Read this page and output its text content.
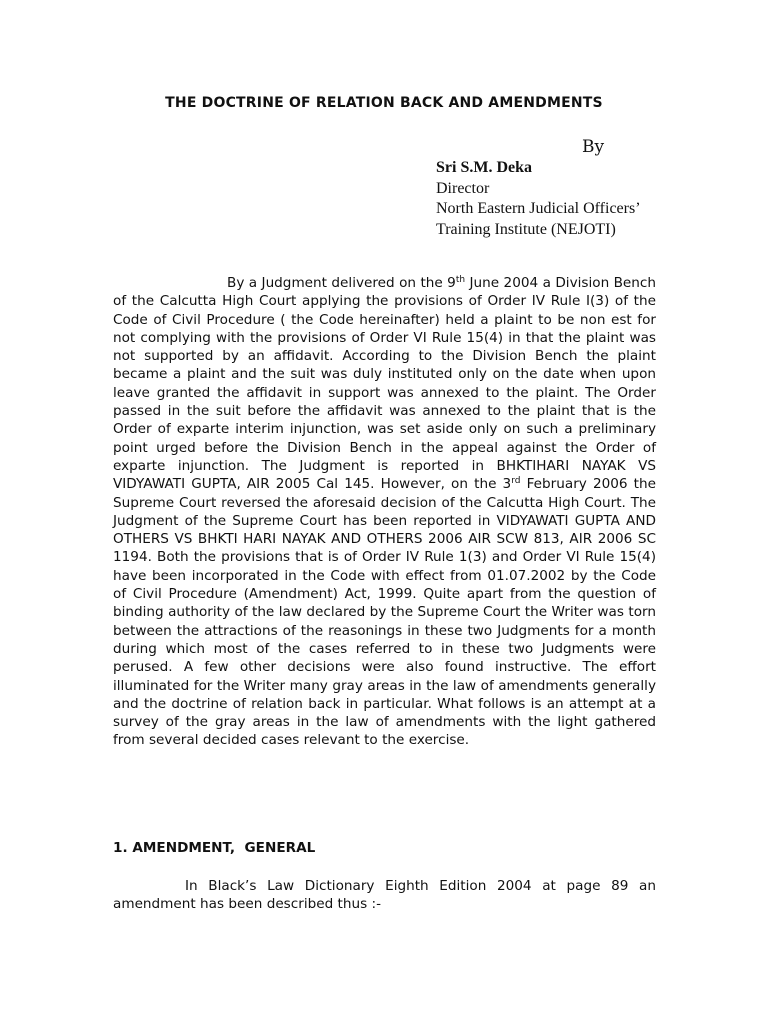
THE DOCTRINE OF RELATION BACK AND AMENDMENTS
By
Sri S.M. Deka
Director
North Eastern Judicial Officers’
Training Institute (NEJOTI)

By a Judgment delivered on the 9th June 2004 a Division Bench of the Calcutta High Court applying the provisions of Order IV Rule I(3) of the Code of Civil Procedure ( the Code hereinafter) held a plaint to be non est for not complying with the provisions of Order VI Rule 15(4) in that the plaint was not supported by an affidavit. According to the Division Bench the plaint became a plaint and the suit was duly instituted only on the date when upon leave granted the affidavit in support was annexed to the plaint. The Order passed in the suit before the affidavit was annexed to the plaint that is the Order of exparte interim injunction, was set aside only on such a preliminary point urged before the Division Bench in the appeal against the Order of exparte injunction. The Judgment is reported in BHKTIHARI NAYAK VS VIDYAWATI GUPTA, AIR 2005 Cal 145. However, on the 3rd February 2006 the Supreme Court reversed the aforesaid decision of the Calcutta High Court. The Judgment of the Supreme Court has been reported in VIDYAWATI GUPTA AND OTHERS VS BHKTI HARI NAYAK AND OTHERS 2006 AIR SCW 813, AIR 2006 SC 1194. Both the provisions that is of Order IV Rule 1(3) and Order VI Rule 15(4) have been incorporated in the Code with effect from 01.07.2002 by the Code of Civil Procedure (Amendment) Act, 1999. Quite apart from the question of binding authority of the law declared by the Supreme Court the Writer was torn between the attractions of the reasonings in these two Judgments for a month during which most of the cases referred to in these two Judgments were perused. A few other decisions were also found instructive. The effort illuminated for the Writer many gray areas in the law of amendments generally and the doctrine of relation back in particular. What follows is an attempt at a survey of the gray areas in the law of amendments with the light gathered from several decided cases relevant to the exercise.

1. AMENDMENT,  GENERAL

In Black’s Law Dictionary Eighth Edition 2004 at page 89 an amendment has been described thus :-
